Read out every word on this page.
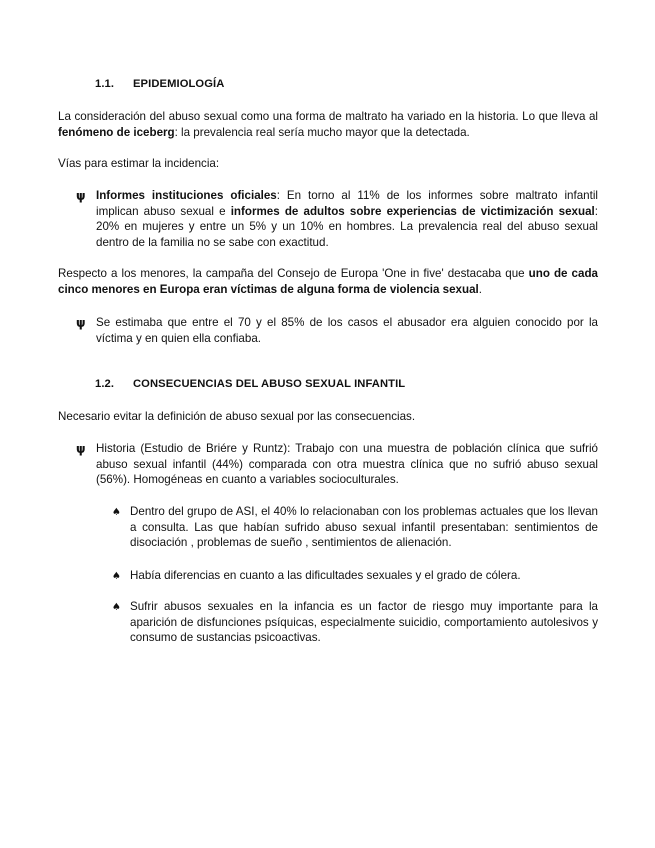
1.1. EPIDEMIOLOGÍA
La consideración del abuso sexual como una forma de maltrato ha variado en la historia. Lo que lleva al fenómeno de iceberg: la prevalencia real sería mucho mayor que la detectada.
Vías para estimar la incidencia:
ψ Informes instituciones oficiales: En torno al 11% de los informes sobre maltrato infantil implican abuso sexual e informes de adultos sobre experiencias de victimización sexual: 20% en mujeres y entre un 5% y un 10% en hombres. La prevalencia real del abuso sexual dentro de la familia no se sabe con exactitud.
Respecto a los menores, la campaña del Consejo de Europa 'One in five' destacaba que uno de cada cinco menores en Europa eran víctimas de alguna forma de violencia sexual.
ψ Se estimaba que entre el 70 y el 85% de los casos el abusador era alguien conocido por la víctima y en quien ella confiaba.
1.2. CONSECUENCIAS DEL ABUSO SEXUAL INFANTIL
Necesario evitar la definición de abuso sexual por las consecuencias.
ψ Historia (Estudio de Briére y Runtz): Trabajo con una muestra de población clínica que sufrió abuso sexual infantil (44%) comparada con otra muestra clínica que no sufrió abuso sexual (56%). Homogéneas en cuanto a variables socioculturales.
♠ Dentro del grupo de ASI, el 40% lo relacionaban con los problemas actuales que los llevan a consulta. Las que habían sufrido abuso sexual infantil presentaban: sentimientos de disociación , problemas de sueño , sentimientos de alienación.
♠ Había diferencias en cuanto a las dificultades sexuales y el grado de cólera.
♠ Sufrir abusos sexuales en la infancia es un factor de riesgo muy importante para la aparición de disfunciones psíquicas, especialmente suicidio, comportamiento autolesivos y consumo de sustancias psicoactivas.
